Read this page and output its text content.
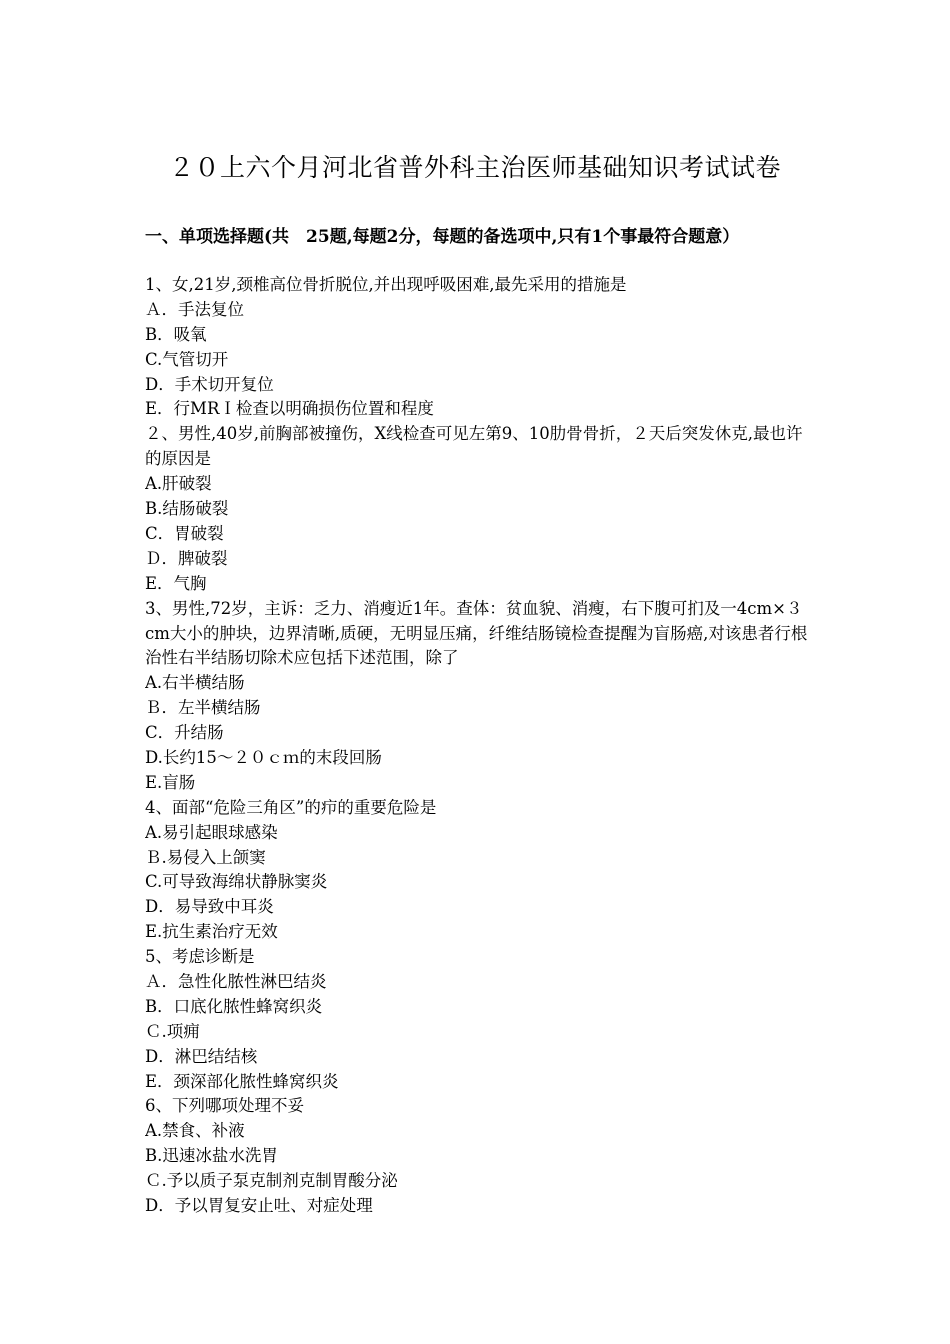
２０上六个月河北省普外科主治医师基础知识考试试卷
一、单项选择题(共　25题,每题2分，每题的备选项中,只有1个事最符合题意）
1、女,21岁,颈椎高位骨折脱位,并出现呼吸困难,最先采用的措施是
Ａ．手法复位
B．吸氧
C.气管切开
D．手术切开复位
E．行MRＩ检查以明确损伤位置和程度
２、男性,40岁,前胸部被撞伤，X线检查可见左第9、10肋骨骨折，２天后突发休克,最也许的原因是
A.肝破裂
B.结肠破裂
C．胃破裂
Ｄ．脾破裂
E．气胸
3、男性,72岁，主诉：乏力、消瘦近1年。查体：贫血貌、消瘦，右下腹可扪及一4cm×３ cm大小的肿块，边界清晰,质硬，无明显压痛，纤维结肠镜检查提醒为盲肠癌,对该患者行根治性右半结肠切除术应包括下述范围，除了
A.右半横结肠
Ｂ．左半横结肠
C．升结肠
D.长约15～２０ｃｍ的末段回肠
E.盲肠
4、面部“危险三角区”的疖的重要危险是
A.易引起眼球感染
Ｂ.易侵入上颌窦
C.可导致海绵状静脉窦炎
D．易导致中耳炎
E.抗生素治疗无效
5、考虑诊断是
Ａ．急性化脓性淋巴结炎
B．口底化脓性蜂窝织炎
Ｃ.项痈
D．淋巴结结核
E．颈深部化脓性蜂窝织炎
6、下列哪项处理不妥
A.禁食、补液
B.迅速冰盐水洗胃
Ｃ.予以质子泵克制剂克制胃酸分泌
D．予以胃复安止吐、对症处理
